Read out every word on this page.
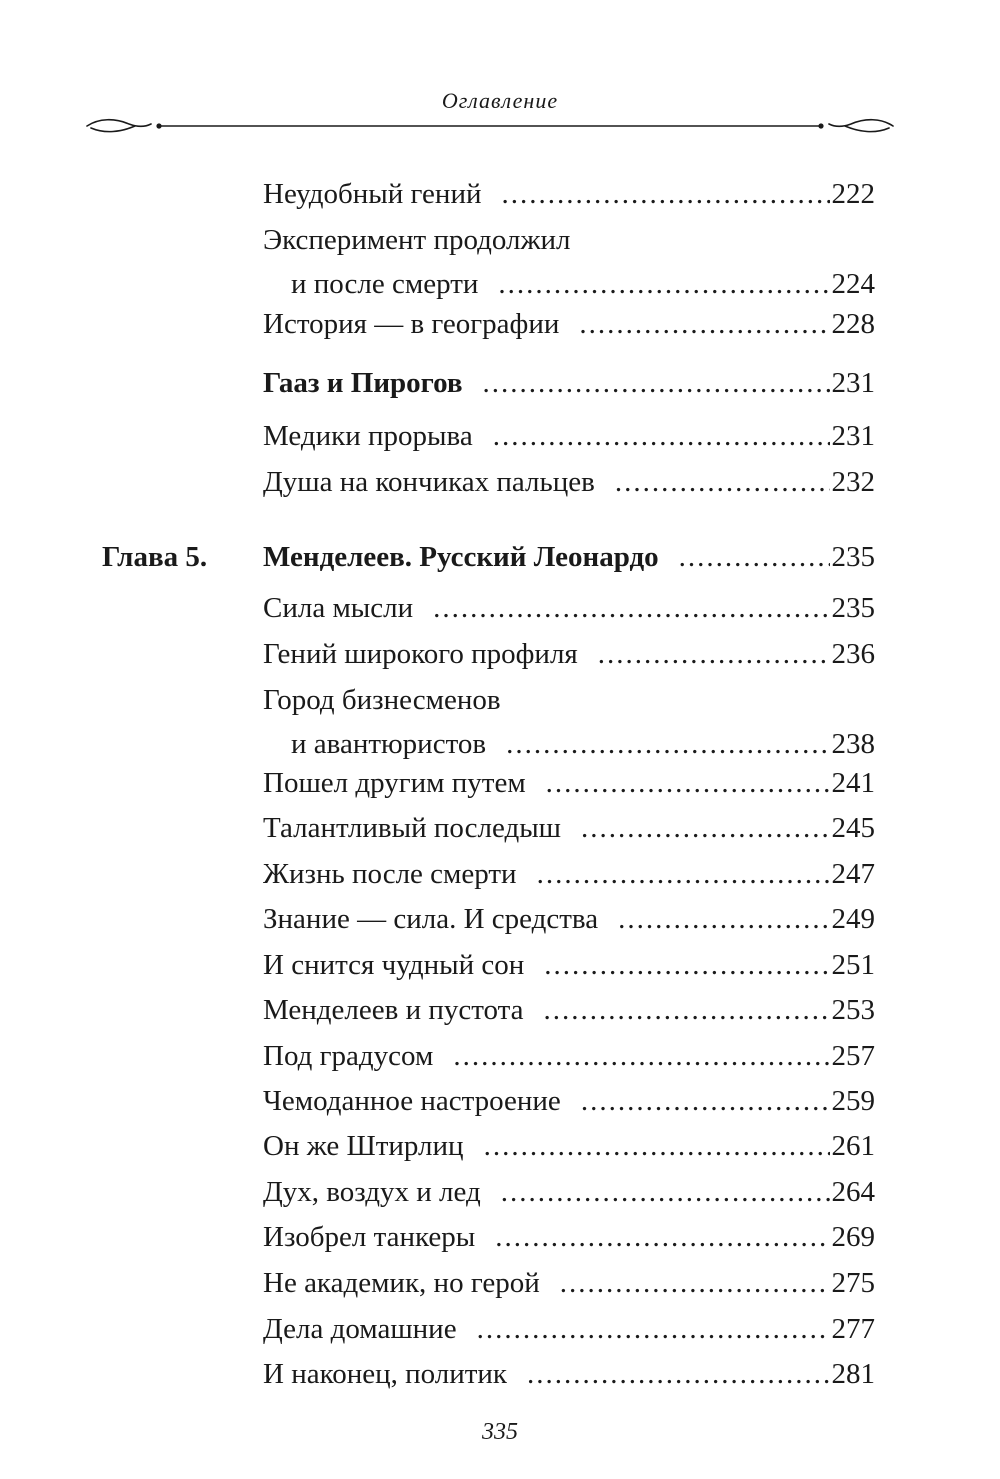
Оглавление
Неудобный гений .....	222
Эксперимент продолжил
и после смерти .....	224
История — в географии .....	228
Гааз и Пирогов .....	231
Медики прорыва .....	231
Душа на кончиках пальцев .....	232
Глава 5. Менделеев. Русский Леонардо .....	235
Сила мысли .....	235
Гений широкого профиля .....	236
Город бизнесменов
и авантюристов .....	238
Пошел другим путем .....	241
Талантливый последыш .....	245
Жизнь после смерти .....	247
Знание — сила. И средства .....	249
И снится чудный сон .....	251
Менделеев и пустота .....	253
Под градусом .....	257
Чемоданное настроение .....	259
Он же Штирлиц .....	261
Дух, воздух и лед .....	264
Изобрел танкеры .....	269
Не академик, но герой .....	275
Дела домашние .....	277
И наконец, политик .....	281
335
